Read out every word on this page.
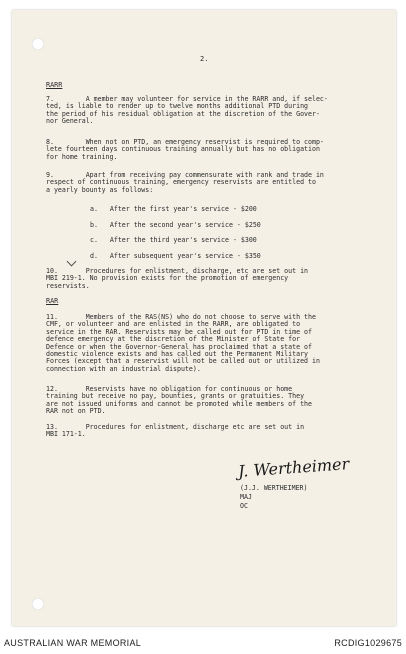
2.
RARR
7.        A member may volunteer for service in the RARR and, if selec-
ted, is liable to render up to twelve months additional PTD during
the period of his residual obligation at the discretion of the Gover-
nor General.
8.        When not on PTD, an emergency reservist is required to comp-
lete fourteen days continuous training annually but has no obligation
for home training.
9.        Apart from receiving pay commensurate with rank and trade in
respect of continuous training, emergency reservists are entitled to
a yearly bounty as follows:
a. After the first year's service - $200
b. After the second year's service - $250
c. After the third year's service - $300
d. After subsequent year's service - $350
10.       Procedures for enlistment, discharge, etc are set out in
MBI 219-1. No provision exists for the promotion of emergency
reservists.
RAR
11.       Members of the RAS(NS) who do not choose to serve with the
CMF, or volunteer and are enlisted in the RARR, are obligated to
service in the RAR. Reservists may be called out for PTD in time of
defence emergency at the discretion of the Minister of State for
Defence or when the Governor-General has proclaimed that a state of
domestic violence exists and has called out the Permanent Military
Forces (except that a reservist will not be called out or utilized in
connection with an industrial dispute).
12.       Reservists have no obligation for continuous or home
training but receive no pay, bounties, grants or gratuities. They
are not issued uniforms and cannot be promoted while members of the
RAR not on PTD.
13.       Procedures for enlistment, discharge etc are set out in
MBI 171-1.
J. Wertheimer
(J.J. WERTHEIMER)
MAJ
OC
AUSTRALIAN WAR MEMORIAL	RCDIG1029675
